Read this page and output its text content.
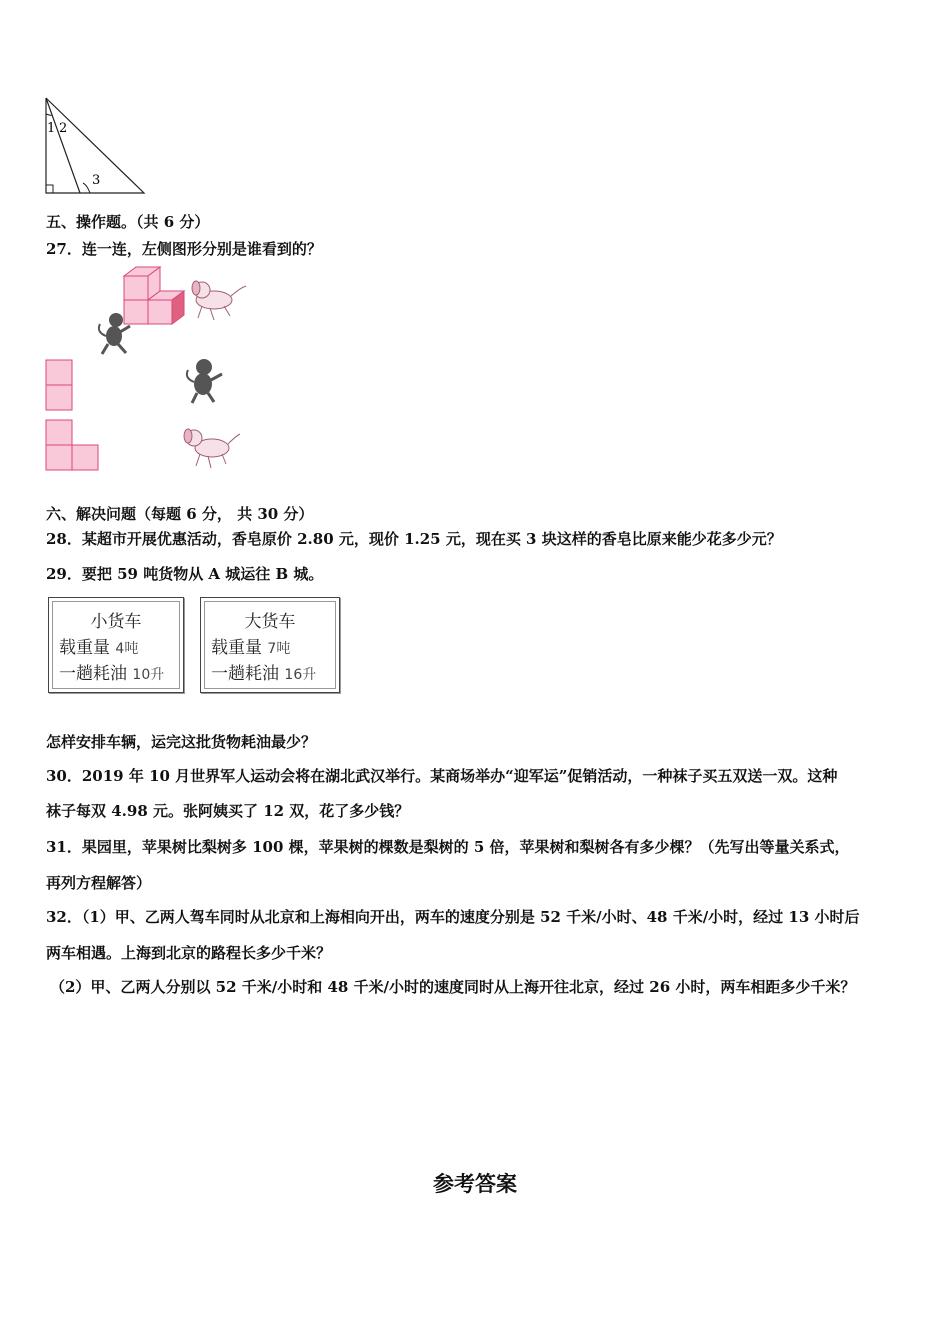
1 2
3
五、操作题。（共 6 分）
27．连一连，左侧图形分别是谁看到的？
六、解决问题（每题 6 分， 共 30 分）
28．某超市开展优惠活动，香皂原价 2.80 元，现价 1.25 元，现在买 3 块这样的香皂比原来能少花多少元？
29．要把 59 吨货物从 A 城运往 B 城。
小货车
载重量 4吨
一趟耗油 10升
大货车
载重量 7吨
一趟耗油 16升
怎样安排车辆，运完这批货物耗油最少？
30．2019 年 10 月世界军人运动会将在湖北武汉举行。某商场举办“迎军运”促销活动，一种袜子买五双送一双。这种
袜子每双 4.98 元。张阿姨买了 12 双，花了多少钱？
31．果园里，苹果树比梨树多 100 棵，苹果树的棵数是梨树的 5 倍，苹果树和梨树各有多少棵？（先写出等量关系式，
再列方程解答）
32．（1）甲、乙两人驾车同时从北京和上海相向开出，两车的速度分别是 52 千米/小时、48 千米/小时，经过 13 小时后
两车相遇。上海到北京的路程长多少千米？
（2）甲、乙两人分别以 52 千米/小时和 48 千米/小时的速度同时从上海开往北京，经过 26 小时，两车相距多少千米？
参考答案
